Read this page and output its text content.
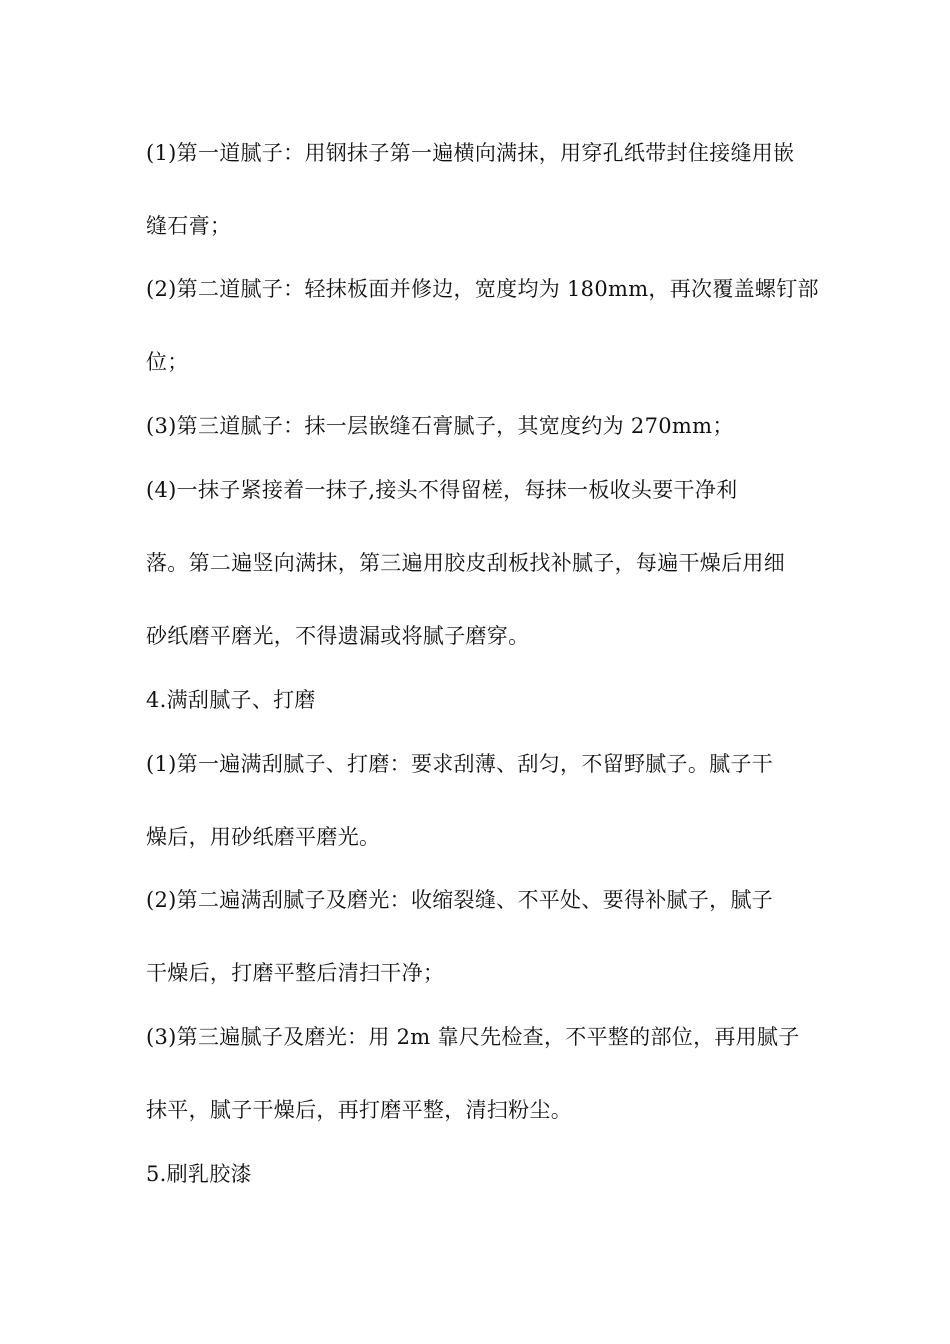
(1)第一道腻子：用钢抹子第一遍横向满抹，用穿孔纸带封住接缝用嵌

缝石膏；

(2)第二道腻子：轻抹板面并修边，宽度均为 180mm，再次覆盖螺钉部

位；

(3)第三道腻子：抹一层嵌缝石膏腻子，其宽度约为 270mm；

(4)一抹子紧接着一抹子,接头不得留槎，每抹一板收头要干净利

落。第二遍竖向满抹，第三遍用胶皮刮板找补腻子，每遍干燥后用细

砂纸磨平磨光，不得遗漏或将腻子磨穿。

4.满刮腻子、打磨

(1)第一遍满刮腻子、打磨：要求刮薄、刮匀，不留野腻子。腻子干

燥后，用砂纸磨平磨光。

(2)第二遍满刮腻子及磨光：收缩裂缝、不平处、要得补腻子，腻子

干燥后，打磨平整后清扫干净；

(3)第三遍腻子及磨光：用 2m 靠尺先检查，不平整的部位，再用腻子

抹平，腻子干燥后，再打磨平整，清扫粉尘。

5.刷乳胶漆
